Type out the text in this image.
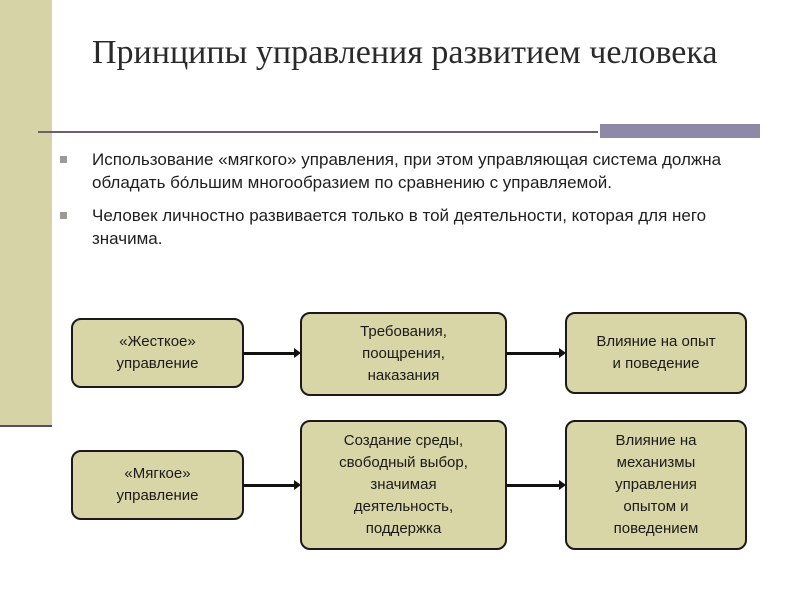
Принципы управления развитием человека
Использование «мягкого» управления, при этом управляющая система должна обладать бо́льшим многообразием по сравнению с управляемой.
Человек личностно развивается только в той деятельности, которая для него значима.
«Жесткое»
управление
Требования,
поощрения,
наказания
Влияние на опыт
и поведение
«Мягкое»
управление
Создание среды,
свободный выбор,
значимая
деятельность,
поддержка
Влияние на
механизмы
управления
опытом и
поведением
